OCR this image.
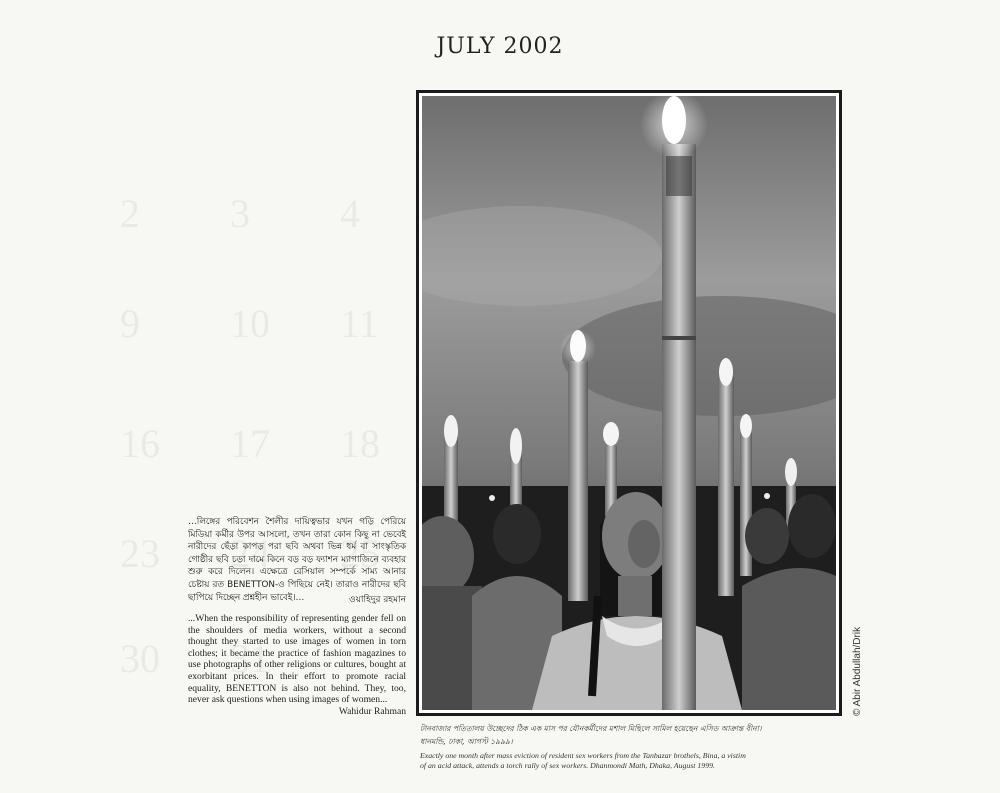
2 3 4
9 10 11
16 17 18
23 24 25
30 31
JULY 2002
© Abir Abdullah/Drik
…লিঙ্গের পরিবেশন শৈলীর দায়িত্বভার যখন গড়ি পেরিয়ে মিডিয়া কর্মীর উপর আসলো, তখন তারা কোন কিছু না ভেবেই নারীদের ছেঁড়া কাপড় পরা ছবি অথবা ভিন্ন ধর্ম বা সাংস্কৃতিক গোষ্ঠীর ছবি চড়া দামে কিনে বড় বড় ফ্যাশন ম্যাগাজিনে ব্যবহার শুরু করে দিলেন। এক্ষেত্রে রেসিয়াল সম্পর্কে সাম্য আনার চেষ্টায় রত BENETTON-ও পিছিয়ে নেই। তারাও নারীদের ছবি ছাপিয়ে দিচ্ছেন প্রশ্নহীন ভাবেই।…	ওয়াহিদুর রহমান
...When the responsibility of representing gender fell on the shoulders of media workers, without a second thought they started to use images of women in torn clothes; it became the practice of fashion magazines to use photographs of other religions or cultures, bought at exorbitant prices. In their effort to promote racial equality, BENETTON is also not behind. They, too, never ask questions when using images of women...
Wahidur Rahman
টানবাজার পতিতালয় উচ্ছেদের ঠিক এক মাস পর যৌনকর্মীদের মশাল মিছিলে সামিল হয়েছেন এসিড আক্রান্ত বীনা। ধানমন্ডি, ঢাকা, আগস্ট ১৯৯৯।
Exactly one month after mass eviction of resident sex workers from the Tanbazar brothels, Bina, a vistim of an acid attack, attends a torch rally of sex workers. Dhanmondi Math, Dhaka, August 1999.
